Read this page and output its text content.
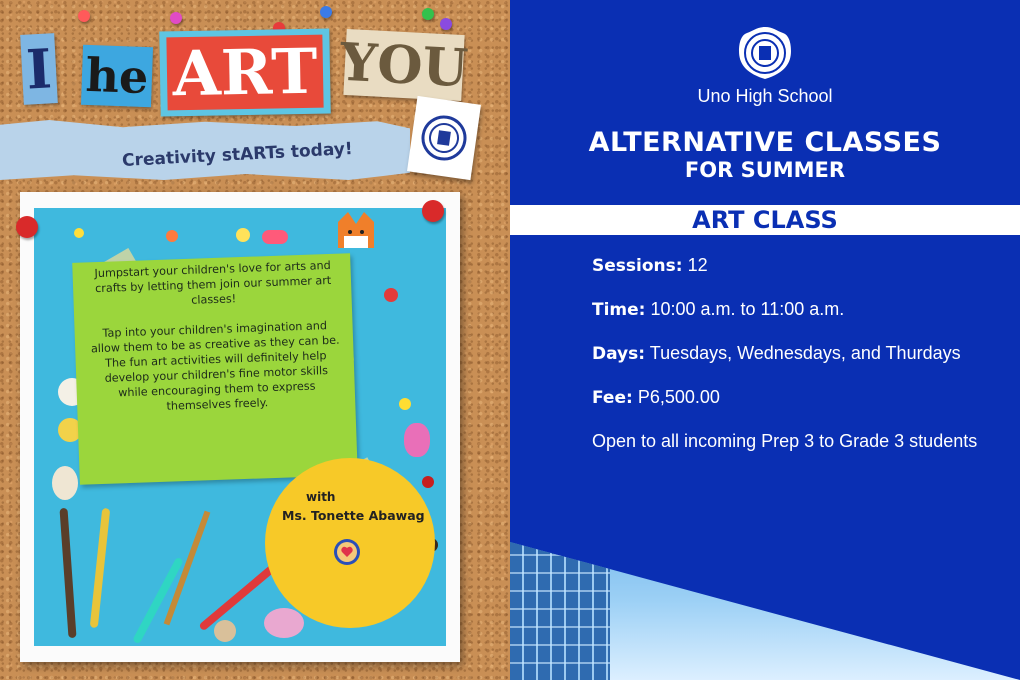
I he ART YOU
Creativity stARTs today!
Jumpstart your children's love for arts and crafts by letting them join our summer art classes!

Tap into your children's imagination and allow them to be as creative as they can be. The fun art activities will definitely help develop your children's fine motor skills while encouraging them to express themselves freely.
with
Ms. Tonette Abawag
Uno High School
ALTERNATIVE CLASSES
FOR SUMMER
ART CLASS
Sessions: 12
Time: 10:00 a.m. to 11:00 a.m.
Days: Tuesdays, Wednesdays, and Thurdays
Fee: P6,500.00
Open to all incoming Prep 3 to Grade 3 students
